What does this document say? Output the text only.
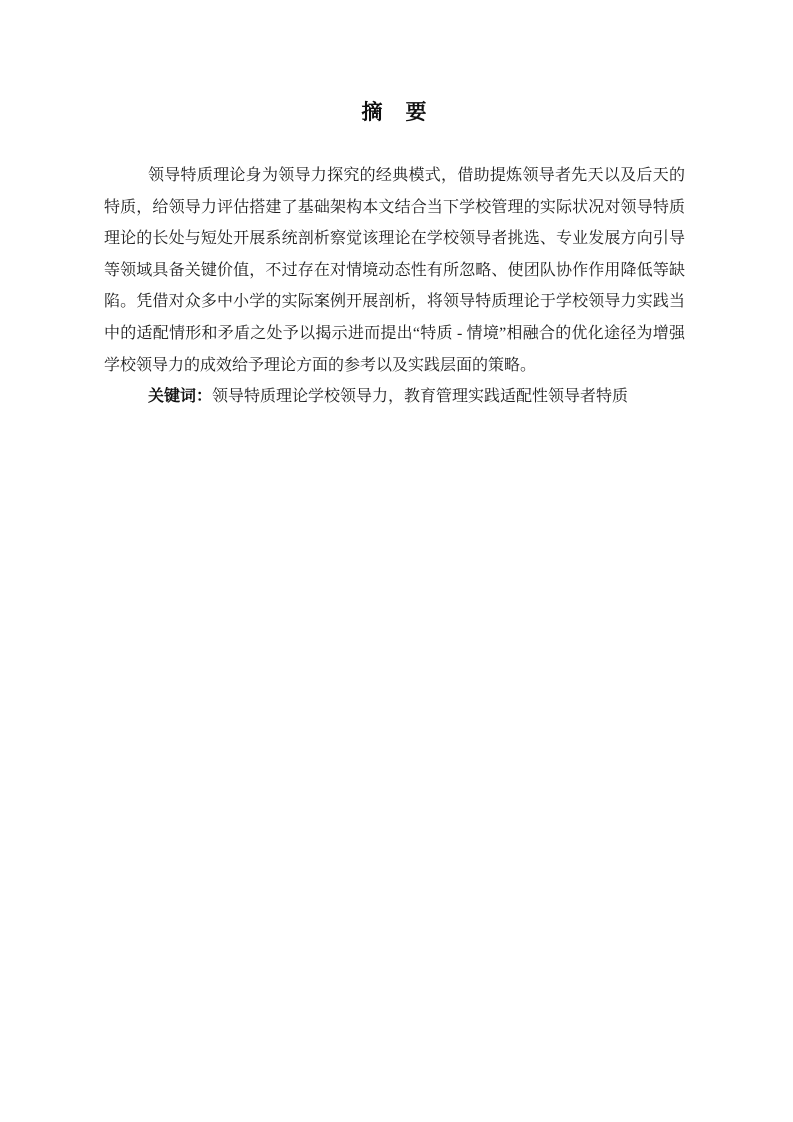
摘　要

领导特质理论身为领导力探究的经典模式，借助提炼领导者先天以及后天的特质，给领导力评估搭建了基础架构本文结合当下学校管理的实际状况对领导特质理论的长处与短处开展系统剖析察觉该理论在学校领导者挑选、专业发展方向引导等领域具备关键价值，不过存在对情境动态性有所忽略、使团队协作作用降低等缺陷。凭借对众多中小学的实际案例开展剖析，将领导特质理论于学校领导力实践当中的适配情形和矛盾之处予以揭示进而提出“特质 - 情境”相融合的优化途径为增强学校领导力的成效给予理论方面的参考以及实践层面的策略。

关键词：领导特质理论学校领导力，教育管理实践适配性领导者特质
